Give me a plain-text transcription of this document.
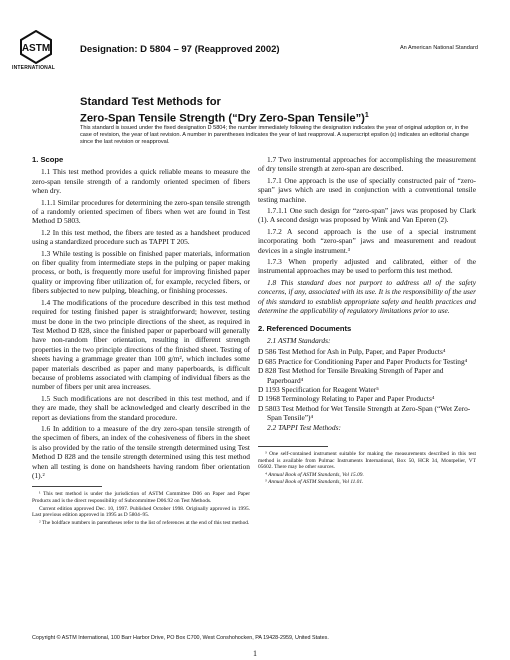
ASTM
INTERNATIONAL
Designation: D 5804 – 97 (Reapproved 2002)	An American National Standard
Standard Test Methods for
Zero-Span Tensile Strength (“Dry Zero-Span Tensile”)$^1$
This standard is issued under the fixed designation D 5804; the number immediately following the designation indicates the year of original adoption or, in the case of revision, the year of last revision. A number in parentheses indicates the year of last reapproval. A superscript epsilon (ε) indicates an editorial change since the last revision or reapproval.
1. Scope

1.1 This test method provides a quick reliable means to measure the zero-span tensile strength of a randomly oriented specimen of fibers when dry.

1.1.1 Similar procedures for determining the zero-span tensile strength of a randomly oriented specimen of fibers when wet are found in Test Method D 5803.

1.2 In this test method, the fibers are tested as a handsheet produced using a standardized procedure such as TAPPI T 205.

1.3 While testing is possible on finished paper materials, information on fiber quality from intermediate steps in the pulping or paper making process, or both, is frequently more useful for improving finished paper quality or improving fiber utilization of, for example, recycled fibers, or fibers subjected to new pulping, bleaching, or finishing processes.

1.4 The modifications of the procedure described in this test method required for testing finished paper is straightforward; however, testing must be done in the two principle directions of the sheet, as required in Test Method D 828, since the finished paper or paperboard will generally have non-random fiber orientation, resulting in different strength properties in the two principle directions of the finished sheet. Testing of sheets having a grammage greater than 100 g/m², which includes some paper materials described as paper and many paperboards, is difficult because of problems associated with clamping of individual fibers as the number of fibers per unit area increases.

1.5 Such modifications are not described in this test method, and if they are made, they shall be acknowledged and clearly described in the report as deviations from the standard procedure.

1.6 In addition to a measure of the dry zero-span tensile strength of the specimen of fibers, an index of the cohesiveness of fibers in the sheet is also provided by the ratio of the tensile strength determined using Test Method D 828 and the tensile strength determined using this test method when all testing is done on handsheets having random fiber orientation (1).²

¹ This test method is under the jurisdiction of ASTM Committee D06 on Paper and Paper Products and is the direct responsibility of Subcommittee D06.92 on Test Methods.

Current edition approved Dec. 10, 1997. Published October 1998. Originally approved in 1995. Last previous edition approved in 1995 as D 5804–95.

² The boldface numbers in parentheses refer to the list of references at the end of this test method.

1.7 Two instrumental approaches for accomplishing the measurement of dry tensile strength at zero-span are described.

1.7.1 One approach is the use of specially constructed pair of “zero-span” jaws which are used in conjunction with a conventional tensile testing machine.

1.7.1.1 One such design for “zero-span” jaws was proposed by Clark (1). A second design was proposed by Wink and Van Eperen (2).

1.7.2 A second approach is the use of a special instrument incorporating both “zero-span” jaws and measurement and readout devices in a single instrument.³

1.7.3 When properly adjusted and calibrated, either of the instrumental approaches may be used to perform this test method.

1.8 This standard does not purport to address all of the safety concerns, if any, associated with its use. It is the responsibility of the user of this standard to establish appropriate safety and health practices and determine the applicability of regulatory limitations prior to use.

2. Referenced Documents

2.1 ASTM Standards:

D 586 Test Method for Ash in Pulp, Paper, and Paper Products⁴

D 685 Practice for Conditioning Paper and Paper Products for Testing⁴

D 828 Test Method for Tensile Breaking Strength of Paper and Paperboard⁴

D 1193 Specification for Reagent Water⁵

D 1968 Terminology Relating to Paper and Paper Products⁴

D 5803 Test Method for Wet Tensile Strength at Zero-Span (“Wet Zero-Span Tensile”)⁴

2.2 TAPPI Test Methods:

³ One self-contained instrument suitable for making the measurements described in this test method is available from Pulmac Instruments International, Box 50, HCR 34, Montpelier, VT 05602. There may be other sources.

⁴ Annual Book of ASTM Standards, Vol 15.09.

⁵ Annual Book of ASTM Standards, Vol 11.01.

Copyright © ASTM International, 100 Barr Harbor Drive, PO Box C700, West Conshohocken, PA 19428-2959, United States.
1
